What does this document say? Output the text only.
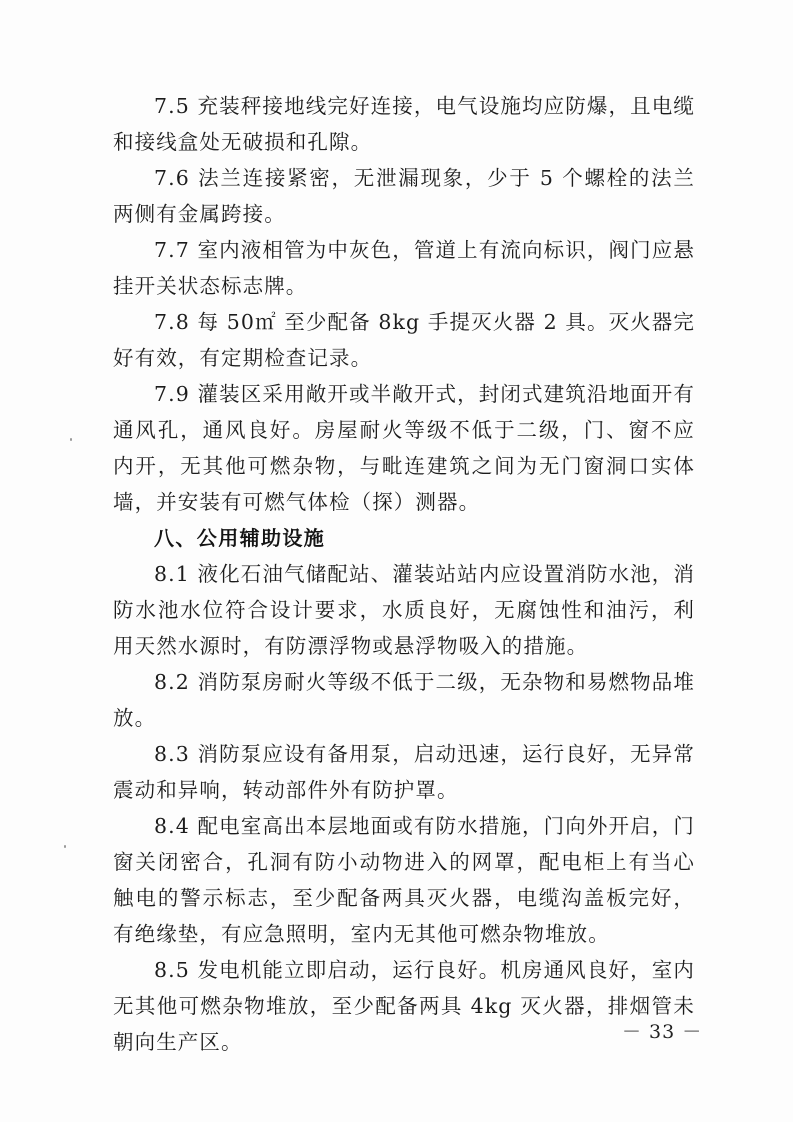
7.5 充装秤接地线完好连接，电气设施均应防爆，且电缆和接线盒处无破损和孔隙。

7.6 法兰连接紧密，无泄漏现象，少于 5 个螺栓的法兰两侧有金属跨接。

7.7 室内液相管为中灰色，管道上有流向标识，阀门应悬挂开关状态标志牌。

7.8 每 50㎡ 至少配备 8kg 手提灭火器 2 具。灭火器完好有效，有定期检查记录。

7.9 灌装区采用敞开或半敞开式，封闭式建筑沿地面开有通风孔，通风良好。房屋耐火等级不低于二级，门、窗不应内开，无其他可燃杂物，与毗连建筑之间为无门窗洞口实体墙，并安装有可燃气体检（探）测器。

八、公用辅助设施

8.1 液化石油气储配站、灌装站站内应设置消防水池，消防水池水位符合设计要求，水质良好，无腐蚀性和油污，利用天然水源时，有防漂浮物或悬浮物吸入的措施。

8.2 消防泵房耐火等级不低于二级，无杂物和易燃物品堆放。

8.3 消防泵应设有备用泵，启动迅速，运行良好，无异常震动和异响，转动部件外有防护罩。

8.4 配电室高出本层地面或有防水措施，门向外开启，门窗关闭密合，孔洞有防小动物进入的网罩，配电柜上有当心触电的警示标志，至少配备两具灭火器，电缆沟盖板完好，有绝缘垫，有应急照明，室内无其他可燃杂物堆放。

8.5 发电机能立即启动，运行良好。机房通风良好，室内无其他可燃杂物堆放，至少配备两具 4kg 灭火器，排烟管未朝向生产区。	－ 33 －
